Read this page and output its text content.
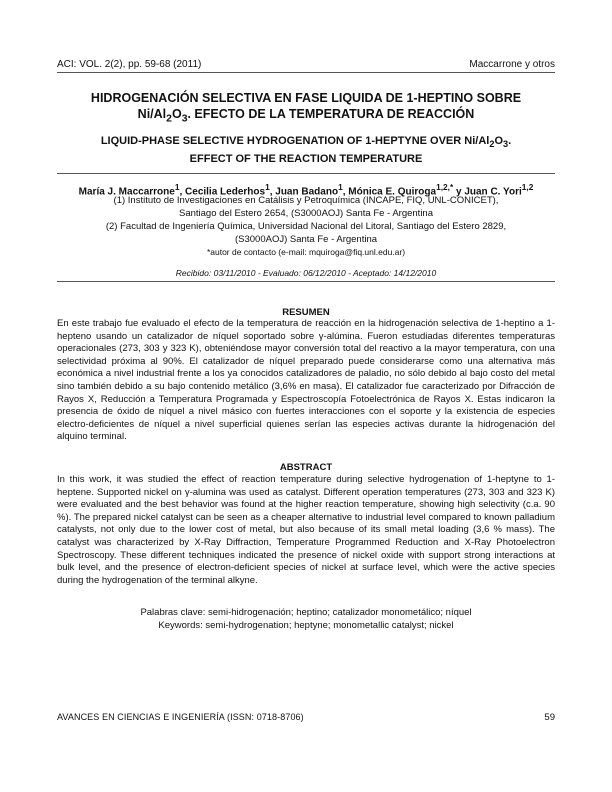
ACI: VOL. 2(2), pp. 59-68 (2011)	Maccarrone y otros
HIDROGENACIÓN SELECTIVA EN FASE LIQUIDA DE 1-HEPTINO SOBRE
$Ni/Al_2O_3$. EFECTO DE LA TEMPERATURA DE REACCIÓN
LIQUID-PHASE SELECTIVE HYDROGENATION OF 1-HEPTYNE OVER $Ni/Al_2O_3$.
EFFECT OF THE REACTION TEMPERATURE
María J. Maccarrone$^1$, Cecilia Lederhos$^1$, Juan Badano$^1$, Mónica E. Quiroga$^{1,2,*}$ y Juan C. Yori$^{1,2}$
(1) Instituto de Investigaciones en Catálisis y Petroquímica (INCAPE, FIQ, UNL-CONICET),
Santiago del Estero 2654, (S3000AOJ) Santa Fe - Argentina
(2) Facultad de Ingeniería Química, Universidad Nacional del Litoral, Santiago del Estero 2829,
(S3000AOJ) Santa Fe - Argentina
*autor de contacto (e-mail: mquiroga@fiq.unl.edu.ar)
Recibido: 03/11/2010 - Evaluado: 06/12/2010 - Aceptado: 14/12/2010
RESUMEN
En este trabajo fue evaluado el efecto de la temperatura de reacción en la hidrogenación selectiva de 1-heptino a 1-hepteno usando un catalizador de níquel soportado sobre γ-alúmina. Fueron estudiadas diferentes temperaturas operacionales (273, 303 y 323 K), obteniéndose mayor conversión total del reactivo a la mayor temperatura, con una selectividad próxima al 90%. El catalizador de níquel preparado puede considerarse como una alternativa más económica a nivel industrial frente a los ya conocidos catalizadores de paladio, no sólo debido al bajo costo del metal sino también debido a su bajo contenido metálico (3,6% en masa). El catalizador fue caracterizado por Difracción de Rayos X, Reducción a Temperatura Programada y Espectroscopía Fotoelectrónica de Rayos X. Estas indicaron la presencia de óxido de níquel a nivel másico con fuertes interacciones con el soporte y la existencia de especies electro-deficientes de níquel a nivel superficial quienes serían las especies activas durante la hidrogenación del alquino terminal.
ABSTRACT
In this work, it was studied the effect of reaction temperature during selective hydrogenation of 1-heptyne to 1-heptene. Supported nickel on γ-alumina was used as catalyst. Different operation temperatures (273, 303 and 323 K) were evaluated and the best behavior was found at the higher reaction temperature, showing high selectivity (c.a. 90 %). The prepared nickel catalyst can be seen as a cheaper alternative to industrial level compared to known palladium catalysts, not only due to the lower cost of metal, but also because of its small metal loading (3,6 % mass). The catalyst was characterized by X-Ray Diffraction, Temperature Programmed Reduction and X-Ray Photoelectron Spectroscopy. These different techniques indicated the presence of nickel oxide with support strong interactions at bulk level, and the presence of electron-deficient species of nickel at surface level, which were the active species during the hydrogenation of the terminal alkyne.
Palabras clave: semi-hidrogenación; heptino; catalizador monometálico; níquel
Keywords: semi-hydrogenation; heptyne; monometallic catalyst; nickel
AVANCES EN CIENCIAS E INGENIERÍA (ISSN: 0718-8706)	59
